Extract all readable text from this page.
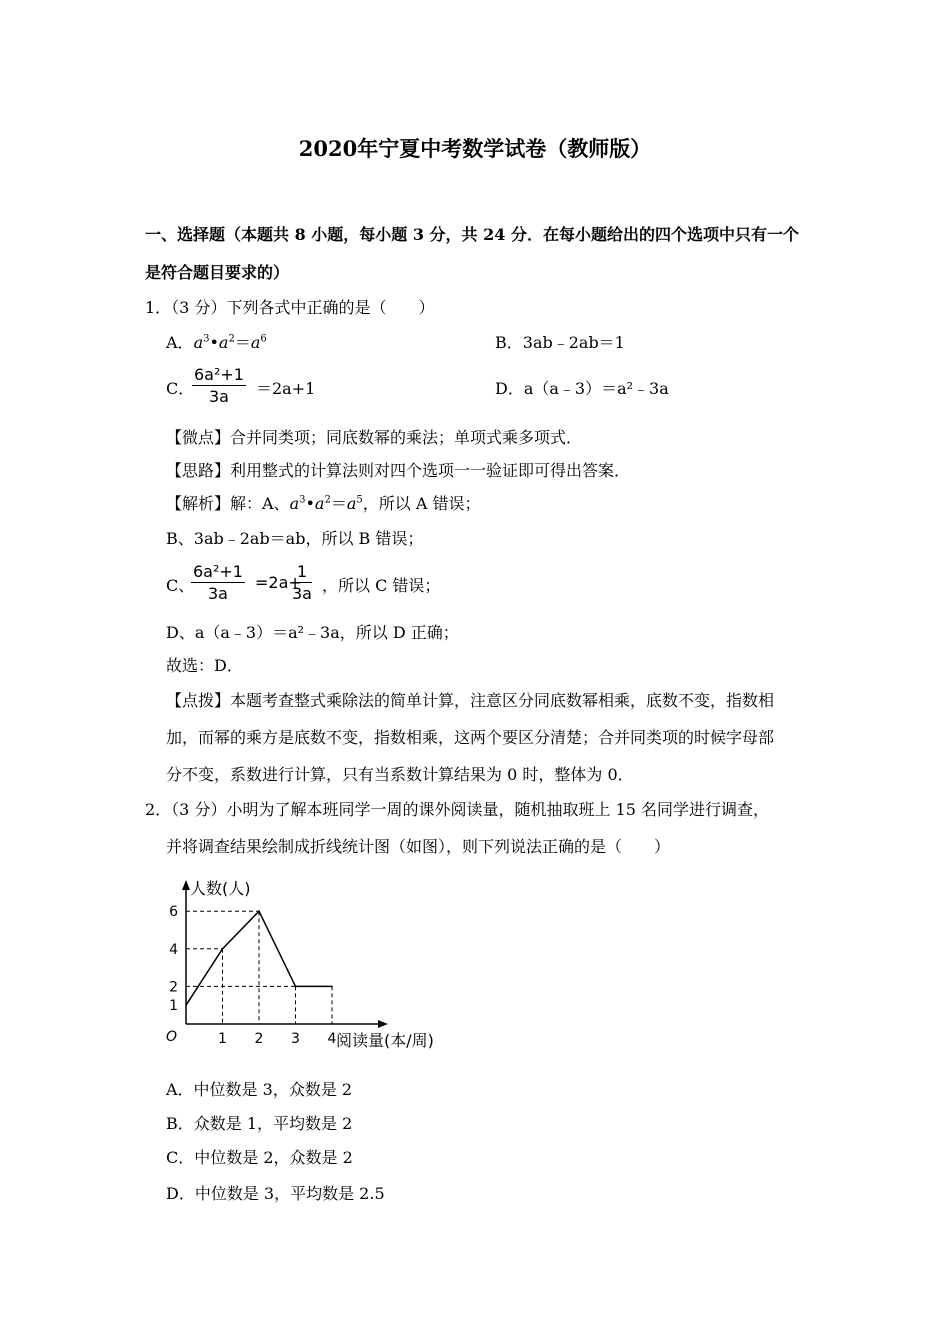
2020年宁夏中考数学试卷（教师版）
一、选择题（本题共 8 小题，每小题 3 分，共 24 分．在每小题给出的四个选项中只有一个
是符合题目要求的）
1．（3 分）下列各式中正确的是（　　）
A．$a^3•a^2=a^6$	B．3ab﹣2ab＝1
C．
$\frac{\text{6a²+1}}{3a} =2a+1$	D．a（a﹣3）＝a²﹣3a
【微点】合并同类项；同底数幂的乘法；单项式乘多项式．
【思路】利用整式的计算法则对四个选项一一验证即可得出答案．
【解析】解：A、$a^3•a^2=a^5$，所以 A 错误；
B、3ab﹣2ab＝ab，所以 B 错误；
C、
$\frac{\text{6a²+1}}{3a} =2a+$
$\frac{1}{3a}$ ，所以 C 错误；
D、a（a﹣3）＝a²﹣3a，所以 D 正确；
故选：D．
【点拨】本题考查整式乘除法的简单计算，注意区分同底数幂相乘，底数不变，指数相
加，而幂的乘方是底数不变，指数相乘，这两个要区分清楚；合并同类项的时候字母部
分不变，系数进行计算，只有当系数计算结果为 0 时，整体为 0．
2．（3 分）小明为了解本班同学一周的课外阅读量，随机抽取班上 15 名同学进行调查，
并将调查结果绘制成折线统计图（如图），则下列说法正确的是（　　）
1 2 3 4
1
2
4
6
O
人数(人)
阅读量(本/周)
A．中位数是 3，众数是 2
B．众数是 1，平均数是 2
C．中位数是 2，众数是 2
D．中位数是 3，平均数是 2.5
